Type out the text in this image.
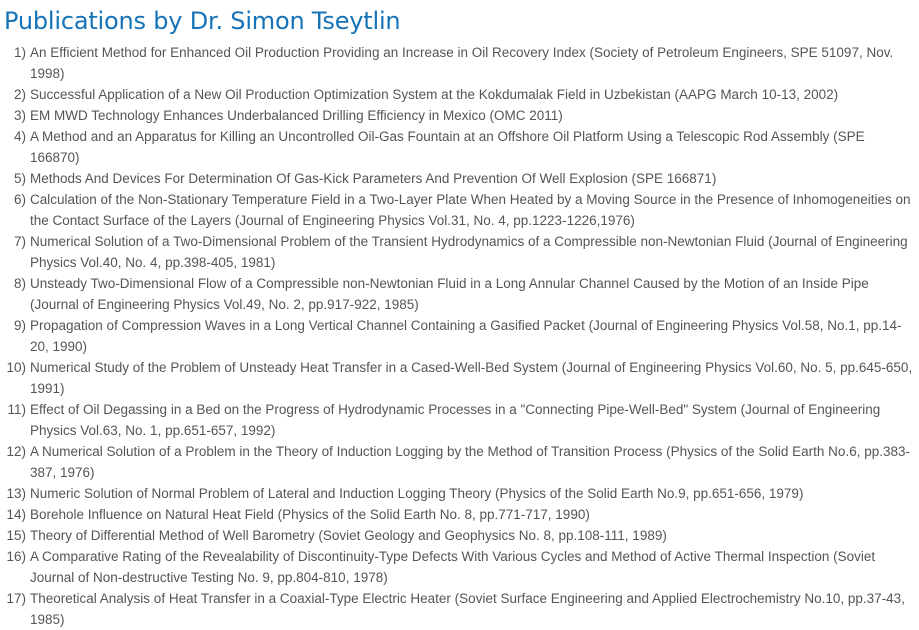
Publications by Dr. Simon Tseytlin
1) An Efficient Method for Enhanced Oil Production Providing an Increase in Oil Recovery Index (Society of Petroleum Engineers, SPE 51097, Nov. 1998)
2) Successful Application of a New Oil Production Optimization System at the Kokdumalak Field in Uzbekistan (AAPG March 10-13, 2002)
3) EM MWD Technology Enhances Underbalanced Drilling Efficiency in Mexico (OMC 2011)
4) A Method and an Apparatus for Killing an Uncontrolled Oil-Gas Fountain at an Offshore Oil Platform Using a Telescopic Rod Assembly (SPE 166870)
5) Methods And Devices For Determination Of Gas-Kick Parameters And Prevention Of Well Explosion (SPE 166871)
6) Calculation of the Non-Stationary Temperature Field in a Two-Layer Plate When Heated by a Moving Source in the Presence of Inhomogeneities on the Contact Surface of the Layers (Journal of Engineering Physics Vol.31, No. 4, pp.1223-1226,1976)
7) Numerical Solution of a Two-Dimensional Problem of the Transient Hydrodynamics of a Compressible non-Newtonian Fluid (Journal of Engineering Physics Vol.40, No. 4, pp.398-405, 1981)
8) Unsteady Two-Dimensional Flow of a Compressible non-Newtonian Fluid in a Long Annular Channel Caused by the Motion of an Inside Pipe (Journal of Engineering Physics Vol.49, No. 2, pp.917-922, 1985)
9) Propagation of Compression Waves in a Long Vertical Channel Containing a Gasified Packet (Journal of Engineering Physics Vol.58, No.1, pp.14-20, 1990)
10) Numerical Study of the Problem of Unsteady Heat Transfer in a Cased-Well-Bed System (Journal of Engineering Physics Vol.60, No. 5, pp.645-650, 1991)
11) Effect of Oil Degassing in a Bed on the Progress of Hydrodynamic Processes in a "Connecting Pipe-Well-Bed" System (Journal of Engineering Physics Vol.63, No. 1, pp.651-657, 1992)
12) A Numerical Solution of a Problem in the Theory of Induction Logging by the Method of Transition Process (Physics of the Solid Earth No.6, pp.383-387, 1976)
13) Numeric Solution of Normal Problem of Lateral and Induction Logging Theory (Physics of the Solid Earth No.9, pp.651-656, 1979)
14) Borehole Influence on Natural Heat Field (Physics of the Solid Earth No. 8, pp.771-717, 1990)
15) Theory of Differential Method of Well Barometry (Soviet Geology and Geophysics No. 8, pp.108-111, 1989)
16) A Comparative Rating of the Revealability of Discontinuity-Type Defects With Various Cycles and Method of Active Thermal Inspection (Soviet Journal of Non-destructive Testing No. 9, pp.804-810, 1978)
17) Theoretical Analysis of Heat Transfer in a Coaxial-Type Electric Heater (Soviet Surface Engineering and Applied Electrochemistry No.10, pp.37-43, 1985)
